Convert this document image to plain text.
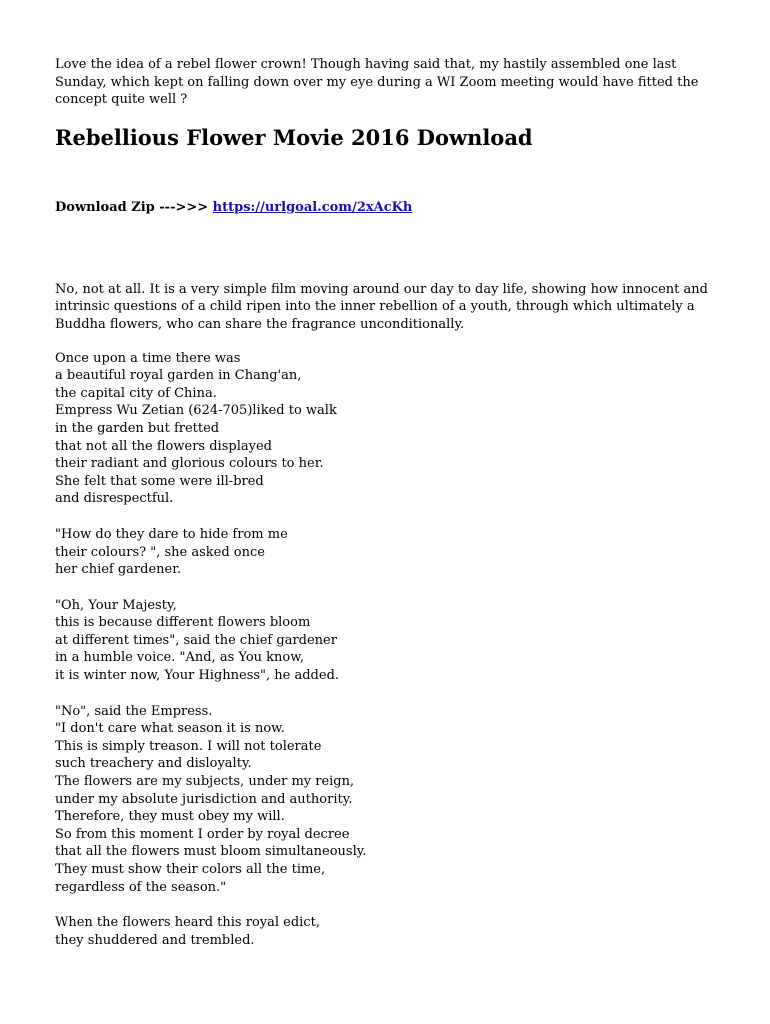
Love the idea of a rebel flower crown! Though having said that, my hastily assembled one last Sunday, which kept on falling down over my eye during a WI Zoom meeting would have fitted the concept quite well ?

Rebellious Flower Movie 2016 Download

Download Zip --->>> https://urlgoal.com/2xAcKh

No, not at all. It is a very simple film moving around our day to day life, showing how innocent and intrinsic questions of a child ripen into the inner rebellion of a youth, through which ultimately a Buddha flowers, who can share the fragrance unconditionally.

Once upon a time there was
a beautiful royal garden in Chang'an,
the capital city of China.
Empress Wu Zetian (624-705)liked to walk
in the garden but fretted
that not all the flowers displayed
their radiant and glorious colours to her.
She felt that some were ill-bred
and disrespectful.

"How do they dare to hide from me
their colours? ", she asked once
her chief gardener.

"Oh, Your Majesty,
this is because different flowers bloom
at different times", said the chief gardener
in a humble voice. "And, as You know,
it is winter now, Your Highness", he added.

"No", said the Empress.
"I don't care what season it is now.
This is simply treason. I will not tolerate
such treachery and disloyalty.
The flowers are my subjects, under my reign,
under my absolute jurisdiction and authority.
Therefore, they must obey my will.
So from this moment I order by royal decree
that all the flowers must bloom simultaneously.
They must show their colors all the time,
regardless of the season."

When the flowers heard this royal edict,
they shuddered and trembled.
